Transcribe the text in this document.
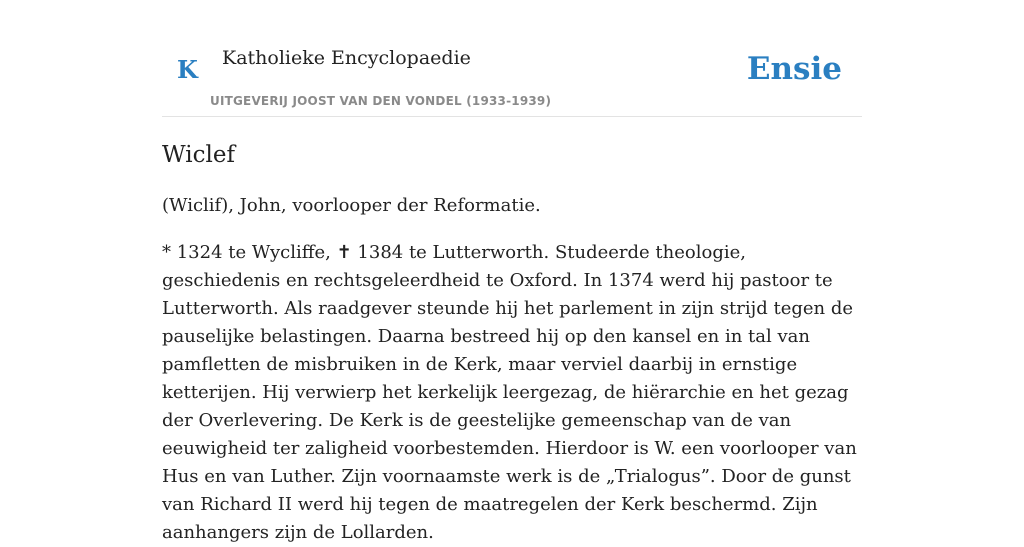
K Katholieke Encyclopaedie
UITGEVERIJ JOOST VAN DEN VONDEL (1933-1939)
Ensie
Wiclef

(Wiclif), John, voorlooper der Reformatie.

* 1324 te Wycliffe, ✝ 1384 te Lutterworth. Studeerde theologie, geschiedenis en rechtsgeleerdheid te Oxford. In 1374 werd hij pastoor te Lutterworth. Als raadgever steunde hij het parlement in zijn strijd tegen de pauselijke belastingen. Daarna bestreed hij op den kansel en in tal van pamfletten de misbruiken in de Kerk, maar verviel daarbij in ernstige ketterijen. Hij verwierp het kerkelijk leergezag, de hiërarchie en het gezag der Overlevering. De Kerk is de geestelijke gemeenschap van de van eeuwigheid ter zaligheid voorbestemden. Hierdoor is W. een voorlooper van Hus en van Luther. Zijn voornaamste werk is de „Trialogus”. Door de gunst van Richard II werd hij tegen de maatregelen der Kerk beschermd. Zijn aanhangers zijn de Lollarden.
